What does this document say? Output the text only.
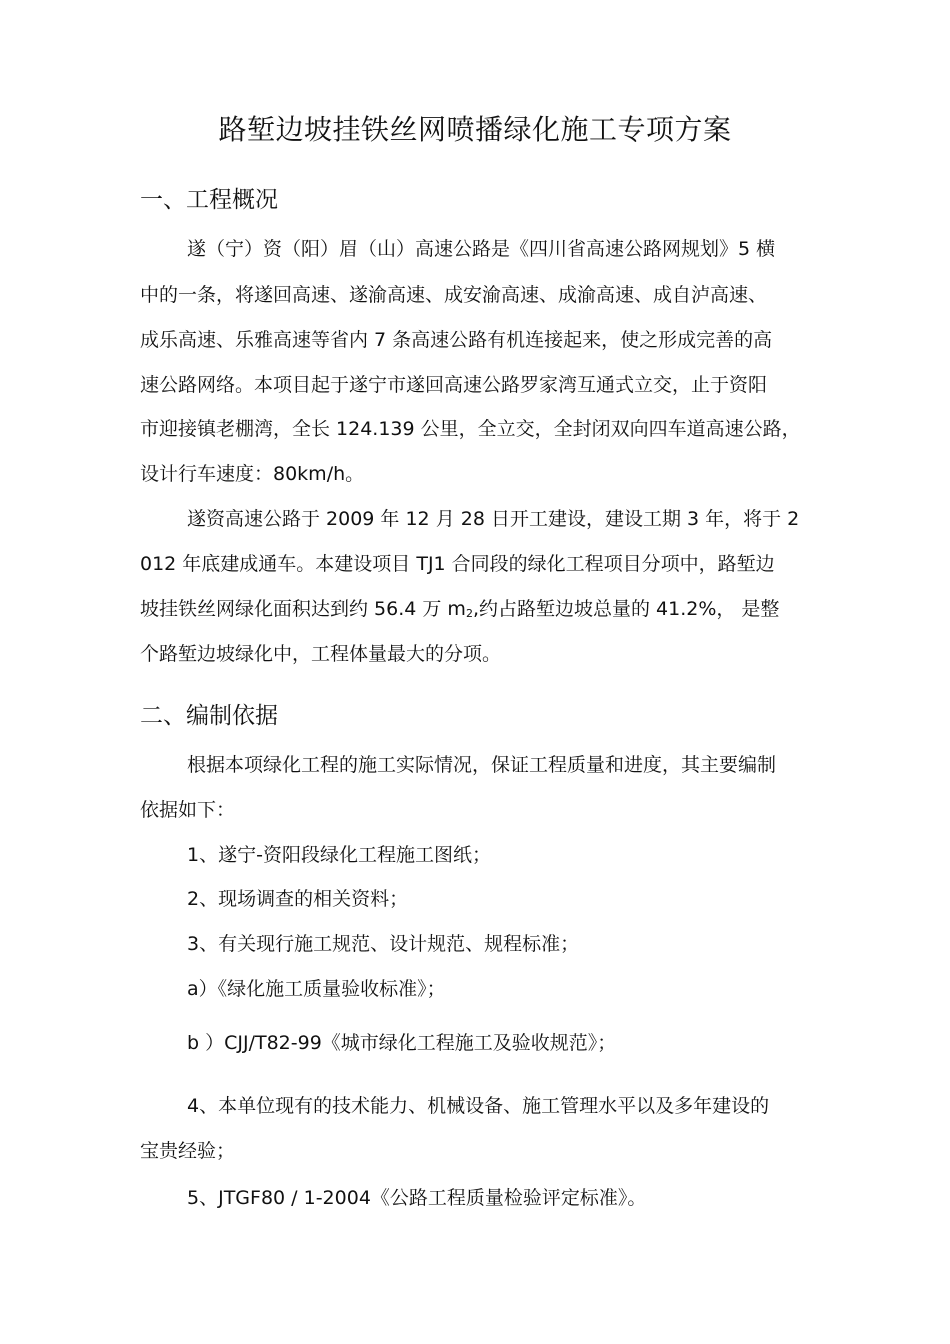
路堑边坡挂铁丝网喷播绿化施工专项方案
一、工程概况
遂（宁）资（阳）眉（山）高速公路是《四川省高速公路网规划》5 横
中的一条，将遂回高速、遂渝高速、成安渝高速、成渝高速、成自泸高速、
成乐高速、乐雅高速等省内 7 条高速公路有机连接起来，使之形成完善的高
速公路网络。本项目起于遂宁市遂回高速公路罗家湾互通式立交，止于资阳
市迎接镇老棚湾，全长 124.139 公里，全立交，全封闭双向四车道高速公路，
设计行车速度：80km/h。
遂资高速公路于 2009 年 12 月 28 日开工建设，建设工期 3 年，将于 2
012 年底建成通车。本建设项目 TJ1 合同段的绿化工程项目分项中，路堑边
坡挂铁丝网绿化面积达到约 56.4 万 m2,约占路堑边坡总量的 41.2%， 是整
个路堑边坡绿化中，工程体量最大的分项。
二、编制依据
根据本项绿化工程的施工实际情况，保证工程质量和进度，其主要编制
依据如下：
1、遂宁-资阳段绿化工程施工图纸；
2、现场调查的相关资料；
3、有关现行施工规范、设计规范、规程标准；
a）《绿化施工质量验收标准》；
b ）CJJ/T82-99《城市绿化工程施工及验收规范》；
4、本单位现有的技术能力、机械设备、施工管理水平以及多年建设的
宝贵经验；
5、JTGF80 / 1-2004《公路工程质量检验评定标准》。
